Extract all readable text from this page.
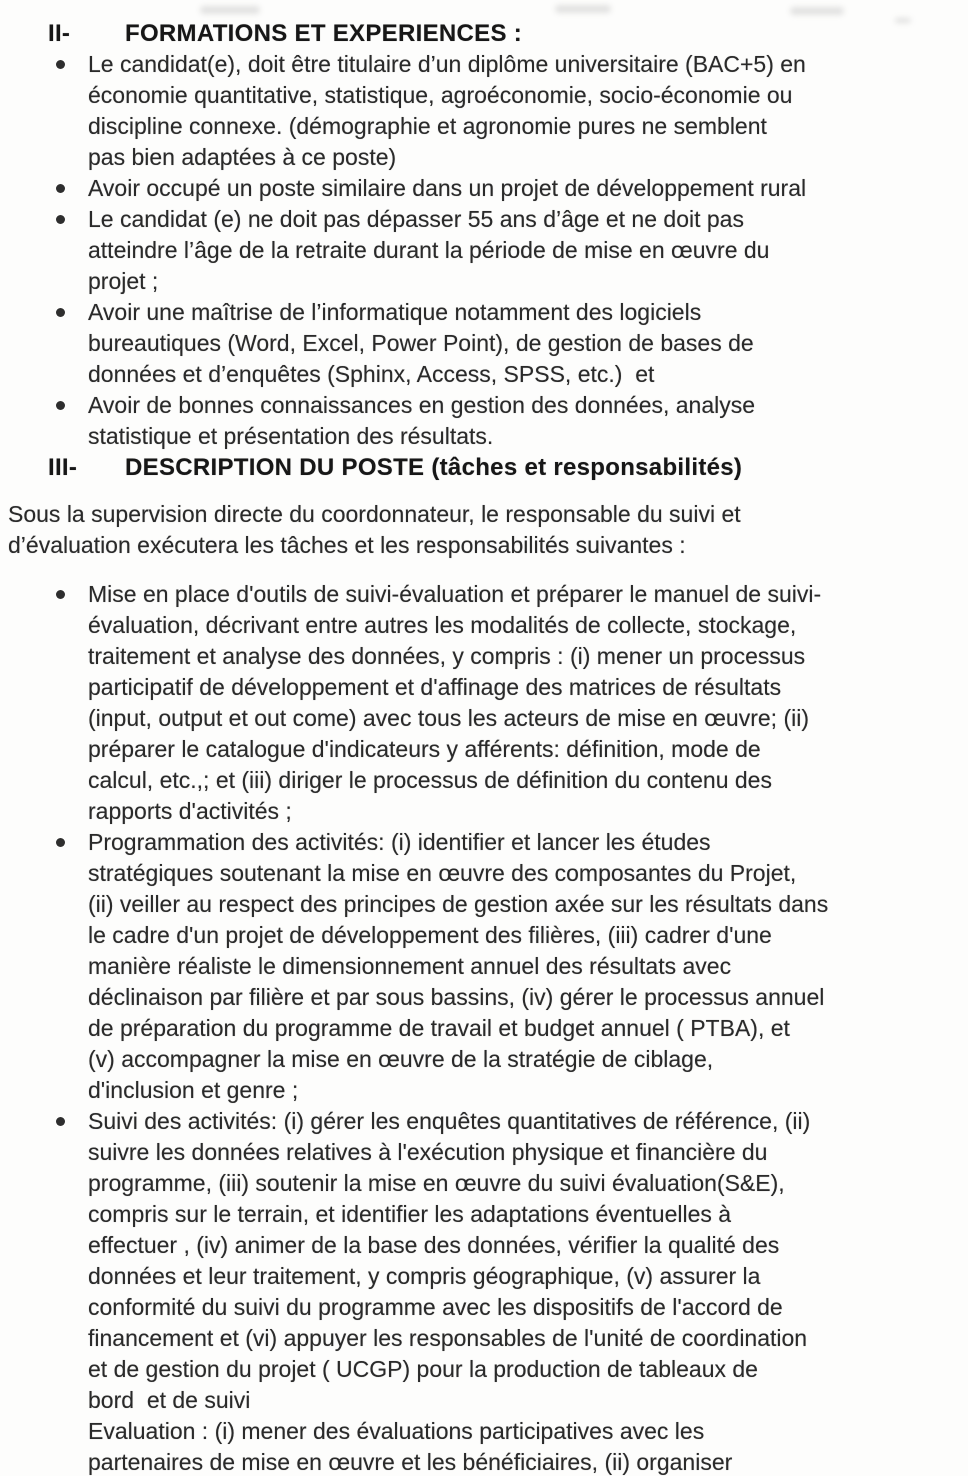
II-	FORMATIONS ET EXPERIENCES :
Le candidat(e), doit être titulaire d’un diplôme universitaire (BAC+5) en
économie quantitative, statistique, agroéconomie, socio-économie ou
discipline connexe. (démographie et agronomie pures ne semblent
pas bien adaptées à ce poste)
Avoir occupé un poste similaire dans un projet de développement rural
Le candidat (e) ne doit pas dépasser 55 ans d’âge et ne doit pas
atteindre l’âge de la retraite durant la période de mise en œuvre du
projet ;
Avoir une maîtrise de l’informatique notamment des logiciels
bureautiques (Word, Excel, Power Point), de gestion de bases de
données et d’enquêtes (Sphinx, Access, SPSS, etc.)  et
Avoir de bonnes connaissances en gestion des données, analyse
statistique et présentation des résultats.
III-	DESCRIPTION DU POSTE (tâches et responsabilités)
Sous la supervision directe du coordonnateur, le responsable du suivi et
d’évaluation exécutera les tâches et les responsabilités suivantes :
Mise en place d'outils de suivi-évaluation et préparer le manuel de suivi-
évaluation, décrivant entre autres les modalités de collecte, stockage,
traitement et analyse des données, y compris : (i) mener un processus
participatif de développement et d'affinage des matrices de résultats
(input, output et out come) avec tous les acteurs de mise en œuvre; (ii)
préparer le catalogue d'indicateurs y afférents: définition, mode de
calcul, etc.,; et (iii) diriger le processus de définition du contenu des
rapports d'activités ;
Programmation des activités: (i) identifier et lancer les études
stratégiques soutenant la mise en œuvre des composantes du Projet,
(ii) veiller au respect des principes de gestion axée sur les résultats dans
le cadre d'un projet de développement des filières, (iii) cadrer d'une
manière réaliste le dimensionnement annuel des résultats avec
déclinaison par filière et par sous bassins, (iv) gérer le processus annuel
de préparation du programme de travail et budget annuel ( PTBA), et
(v) accompagner la mise en œuvre de la stratégie de ciblage,
d'inclusion et genre ;
Suivi des activités: (i) gérer les enquêtes quantitatives de référence, (ii)
suivre les données relatives à l'exécution physique et financière du
programme, (iii) soutenir la mise en œuvre du suivi évaluation(S&E),
compris sur le terrain, et identifier les adaptations éventuelles à
effectuer , (iv) animer de la base des données, vérifier la qualité des
données et leur traitement, y compris géographique, (v) assurer la
conformité du suivi du programme avec les dispositifs de l'accord de
financement et (vi) appuyer les responsables de l'unité de coordination
et de gestion du projet ( UCGP) pour la production de tableaux de
bord  et de suivi
Evaluation : (i) mener des évaluations participatives avec les
partenaires de mise en œuvre et les bénéficiaires, (ii) organiser
